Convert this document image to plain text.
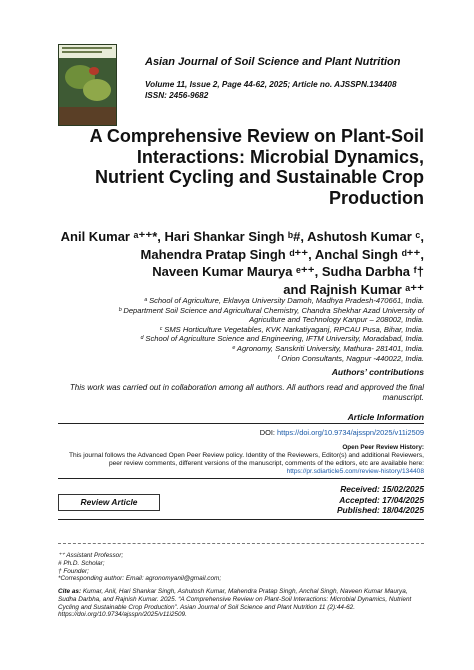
Asian Journal of Soil Science and Plant Nutrition
Volume 11, Issue 2, Page 44-62, 2025; Article no. AJSSPN.134408
ISSN: 2456-9682
A Comprehensive Review on Plant-Soil
Interactions: Microbial Dynamics,
Nutrient Cycling and Sustainable Crop
Production
Anil Kumar ᵃ⁺⁺*, Hari Shankar Singh ᵇ#, Ashutosh Kumar ᶜ,
Mahendra Pratap Singh ᵈ⁺⁺, Anchal Singh ᵈ⁺⁺,
Naveen Kumar Maurya ᵉ⁺⁺, Sudha Darbha ᶠ†
and Rajnish Kumar ᵃ⁺⁺
ᵃ School of Agriculture, Eklavya University Damoh, Madhya Pradesh-470661, India.
ᵇ Department Soil Science and Agricultural Chemistry, Chandra Shekhar Azad University of
Agriculture and Technology Kanpur – 208002, India.
ᶜ SMS Horticulture Vegetables, KVK Narkatiyaganj, RPCAU Pusa, Bihar, India.
ᵈ School of Agriculture Science and Engineering, IFTM University, Moradabad, India.
ᵉ Agronomy, Sanskriti University, Mathura- 281401, India.
ᶠ Orion Consultants, Nagpur -440022, India.
Authors’ contributions
This work was carried out in collaboration among all authors. All authors read and approved the final
manuscript.
Article Information
DOI: https://doi.org/10.9734/ajsspn/2025/v11i2509
Open Peer Review History:
This journal follows the Advanced Open Peer Review policy. Identity of the Reviewers, Editor(s) and additional Reviewers,
peer review comments, different versions of the manuscript, comments of the editors, etc are available here:
https://pr.sdiarticle5.com/review-history/134408
Review Article
Received: 15/02/2025
Accepted: 17/04/2025
Published: 18/04/2025
⁺⁺ Assistant Professor;
# Ph.D. Scholar;
† Founder;
*Corresponding author: Email: agronomyanil@gmail.com;
Cite as: Kumar, Anil, Hari Shankar Singh, Ashutosh Kumar, Mahendra Pratap Singh, Anchal Singh, Naveen Kumar Maurya,
Sudha Darbha, and Rajnish Kumar. 2025. “A Comprehensive Review on Plant-Soil Interactions: Microbial Dynamics, Nutrient
Cycling and Sustainable Crop Production”. Asian Journal of Soil Science and Plant Nutrition 11 (2):44-62.
https://doi.org/10.9734/ajsspn/2025/v11i2509.
